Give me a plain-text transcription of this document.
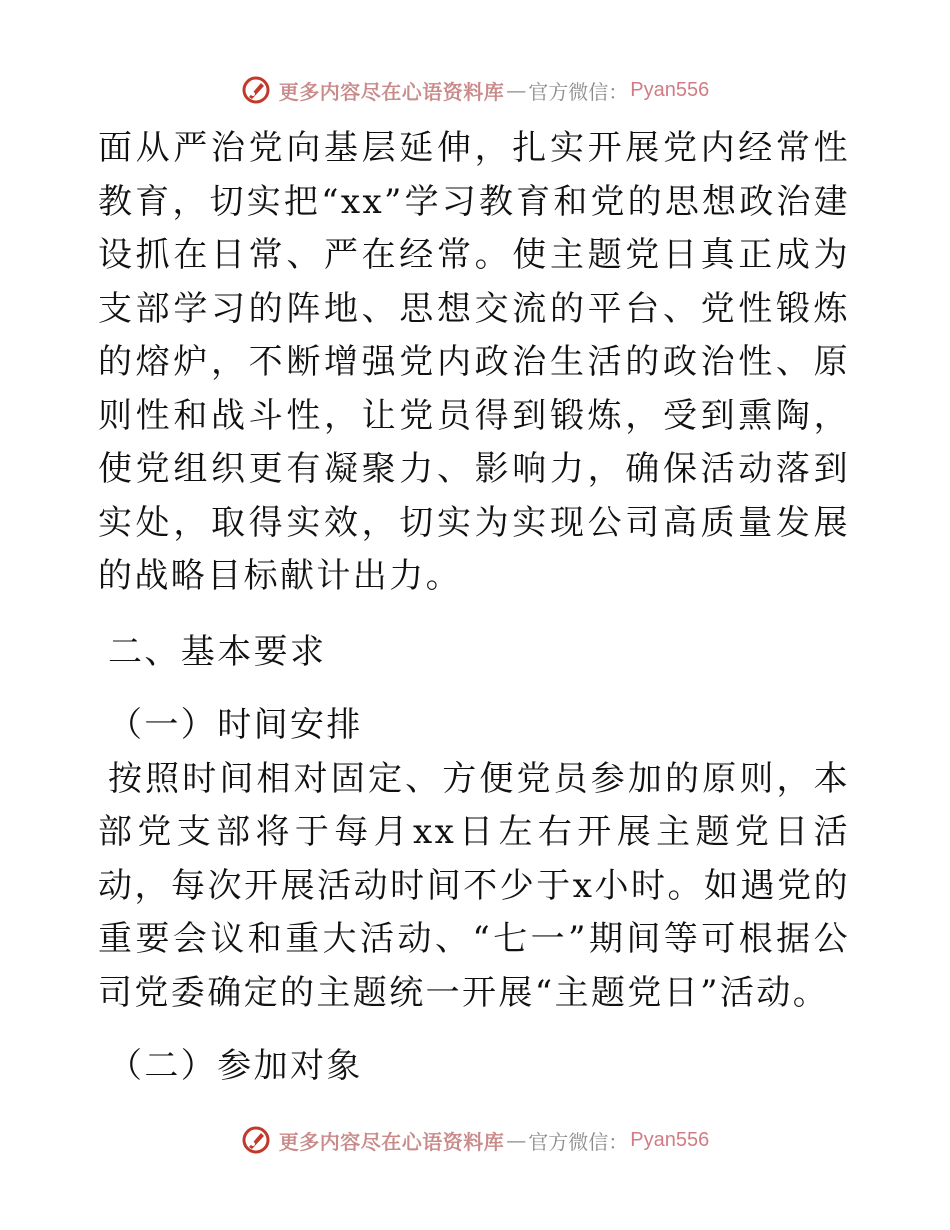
更多内容尽在心语资料库 — 官方微信： Pyan556

面从严治党向基层延伸，扎实开展党内经常性教育，切实把“xx”学习教育和党的思想政治建设抓在日常、严在经常。使主题党日真正成为支部学习的阵地、思想交流的平台、党性锻炼的熔炉，不断增强党内政治生活的政治性、原则性和战斗性，让党员得到锻炼，受到熏陶，使党组织更有凝聚力、影响力，确保活动落到实处，取得实效，切实为实现公司高质量发展的战略目标献计出力。

二、基本要求
（一）时间安排

按照时间相对固定、方便党员参加的原则，本部党支部将于每月xx日左右开展主题党日活动，每次开展活动时间不少于x小时。如遇党的重要会议和重大活动、“七一”期间等可根据公司党委确定的主题统一开展“主题党日”活动。

（二）参加对象
更多内容尽在心语资料库 — 官方微信： Pyan556
